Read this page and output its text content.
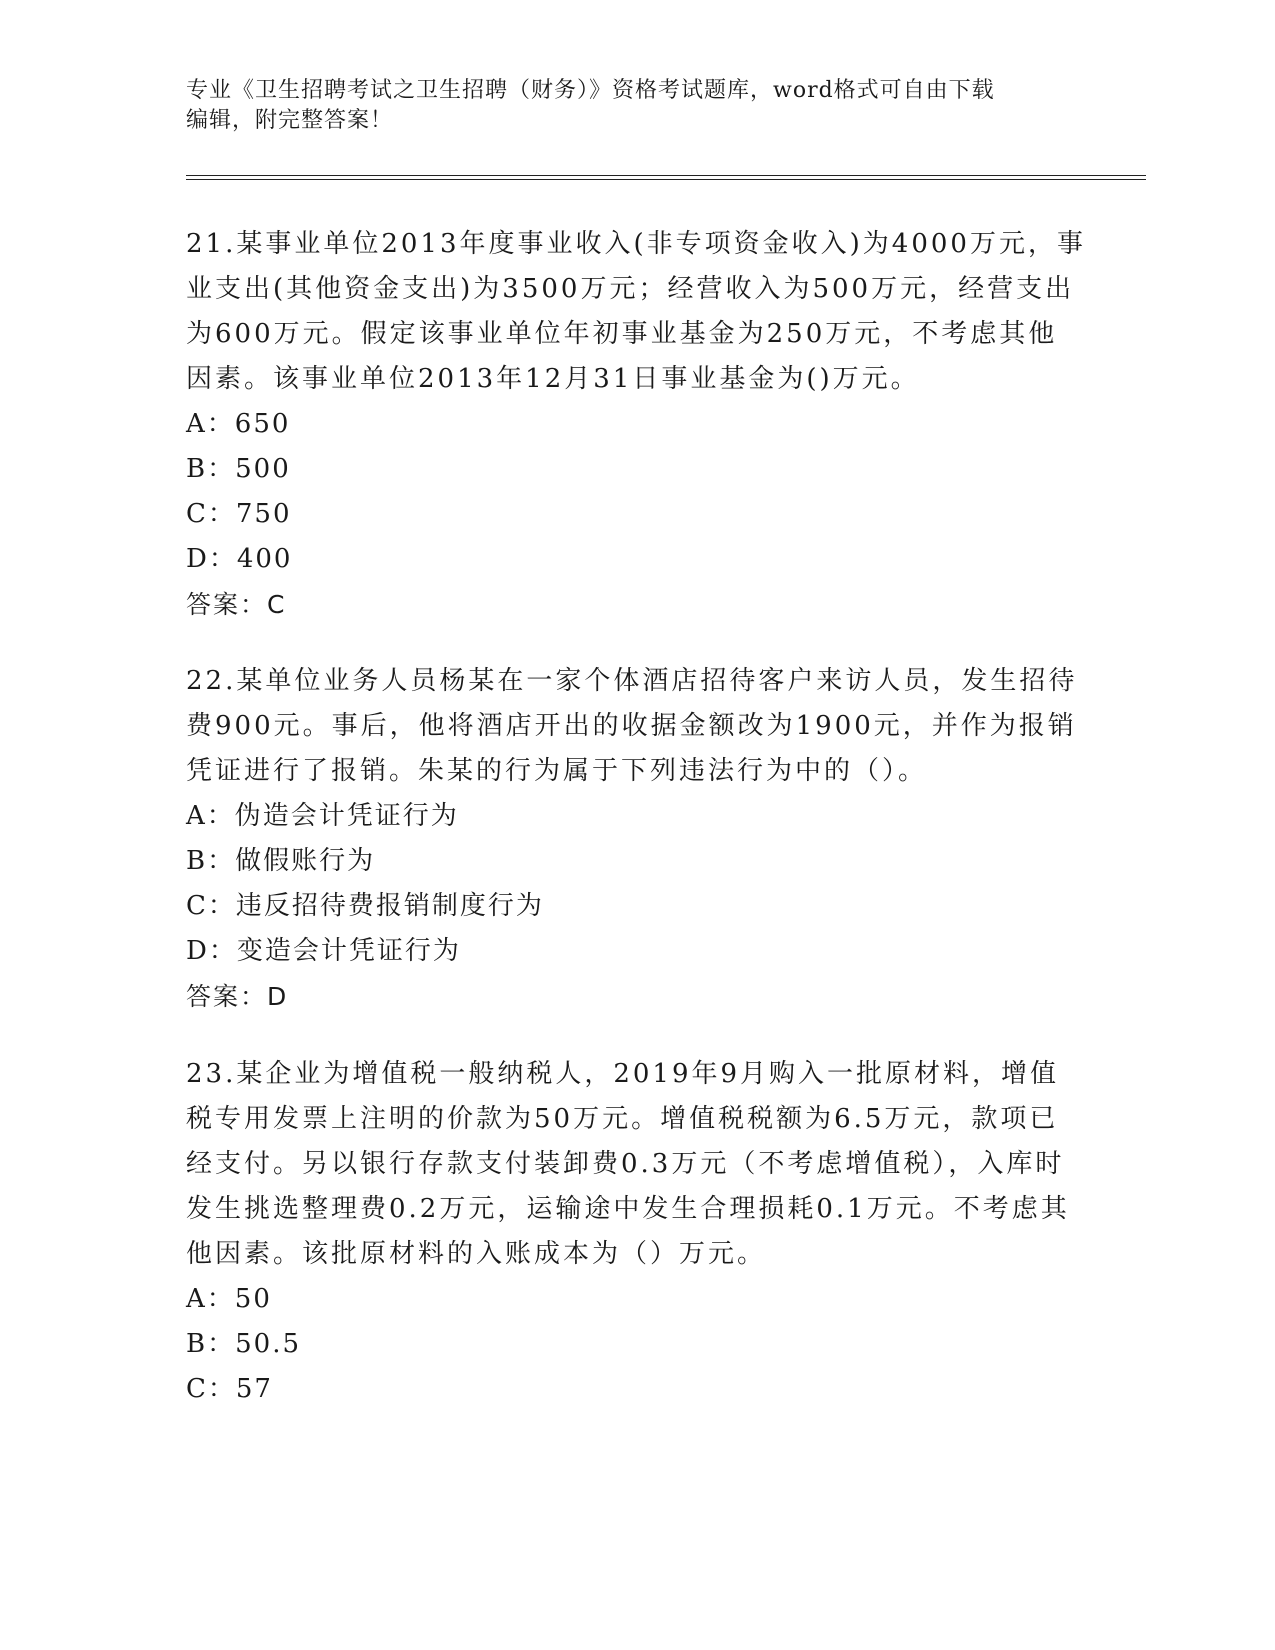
专业《卫生招聘考试之卫生招聘（财务）》资格考试题库，word格式可自由下载
编辑，附完整答案！

21.某事业单位2013年度事业收入(非专项资金收入)为4000万元，事业支出(其他资金支出)为3500万元；经营收入为500万元，经营支出为600万元。假定该事业单位年初事业基金为250万元，不考虑其他因素。该事业单位2013年12月31日事业基金为()万元。

A：650

B：500

C：750

D：400

答案：C

22.某单位业务人员杨某在一家个体酒店招待客户来访人员，发生招待费900元。事后，他将酒店开出的收据金额改为1900元，并作为报销凭证进行了报销。朱某的行为属于下列违法行为中的（）。

A：伪造会计凭证行为

B：做假账行为

C：违反招待费报销制度行为

D：变造会计凭证行为

答案：D

23.某企业为增值税一般纳税人，2019年9月购入一批原材料，增值税专用发票上注明的价款为50万元。增值税税额为6.5万元，款项已经支付。另以银行存款支付装卸费0.3万元（不考虑增值税），入库时发生挑选整理费0.2万元，运输途中发生合理损耗0.1万元。不考虑其他因素。该批原材料的入账成本为（）万元。

A：50

B：50.5

C：57
